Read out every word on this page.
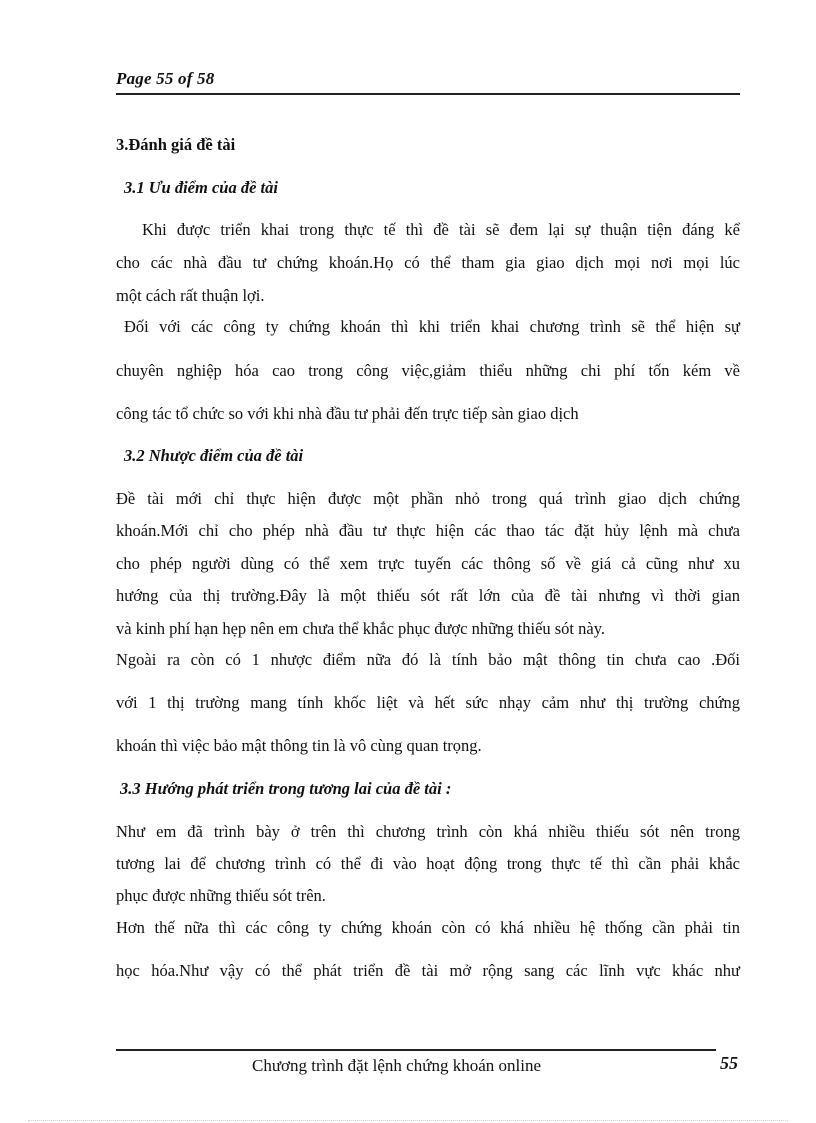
Page 55 of 58
3.Đánh giá đề tài
3.1 Ưu điểm của đề tài
Khi được triển khai trong thực tế thì đề tài sẽ đem lại sự thuận tiện đáng kể
cho các nhà đầu tư chứng khoán.Họ có thể tham gia giao dịch mọi nơi mọi lúc
một cách rất thuận lợi.
Đối với các công ty chứng khoán thì khi triển khai chương trình sẽ thể hiện sự
chuyên nghiệp hóa cao trong công việc,giảm thiểu những chi phí tốn kém về
công tác tổ chức so với khi nhà đầu tư phải đến trực tiếp sàn giao dịch
3.2 Nhược điểm của đề tài
Đề tài mới chỉ thực hiện được một phần nhỏ trong quá trình giao dịch chứng
khoán.Mới chỉ cho phép nhà đầu tư thực hiện các thao tác đặt hủy lệnh mà chưa
cho phép người dùng có thể xem trực tuyến các thông số về giá cả cũng như xu
hướng của thị trường.Đây là một thiếu sót rất lớn của đề tài nhưng vì thời gian
và kinh phí hạn hẹp nên em chưa thể khắc phục được những thiếu sót này.
Ngoài ra còn có 1 nhược điểm nữa đó là tính bảo mật thông tin chưa cao .Đối
với 1 thị trường mang tính khốc liệt và hết sức nhạy cảm như thị trường chứng
khoán thì việc bảo mật thông tin là vô cùng quan trọng.
3.3 Hướng phát triển trong tương lai của đề tài :
Như em đã trình bày ở trên thì chương trình còn khá nhiều thiếu sót nên trong
tương lai để chương trình có thể đi vào hoạt động trong thực tế thì cần phải khắc
phục được những thiếu sót trên.
Hơn thế nữa thì các công ty chứng khoán còn có khá nhiều hệ thống cần phải tin
học hóa.Như vậy có thể phát triển đề tài mở rộng sang các lĩnh vực khác như
Chương trình đặt lệnh chứng khoán online	55
